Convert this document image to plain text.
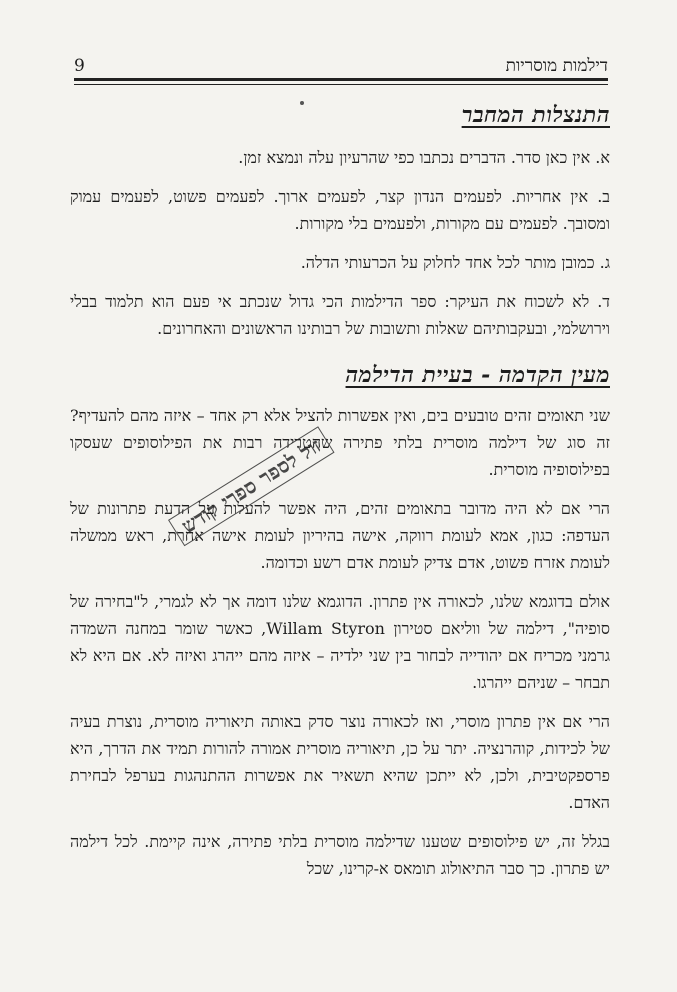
דילמות מוסריות
9
התנצלות המחבר

א. אין כאן סדר. הדברים נכתבו כפי שהרעיון עלה ונמצא זמן.

ב. אין אחריות. לפעמים הנדון קצר, לפעמים ארוך. לפעמים פשוט, לפעמים עמוק ומסובך. לפעמים עם מקורות, ולפעמים בלי מקורות.

ג. כמובן מותר לכל אחד לחלוק על הכרעותי הדלה.

ד. לא לשכוח את העיקר: ספר הדילמות הכי גדול שנכתב אי פעם הוא תלמוד בבלי וירושלמי, ובעקבותיהם שאלות ותשובות של רבותינו הראשונים והאחרונים.

מעין הקדמה - בעיית הדילמה

שני תאומים זהים טובעים בים, ואין אפשרות להציל אלא רק אחד – איזה מהם להעדיף? זה סוג של דילמה מוסרית בלתי פתירה שהטרידה רבות את הפילוסופים שעסקו בפילוסופיה מוסרית.

הרי אם לא היה מדובר בתאומים זהים, היה אפשר להעלות על הדעת פתרונות של העדפה: כגון, אמא לעומת רווקה, אישה בהיריון לעומת אישה אחרת, ראש ממשלה לעומת אזרח פשוט, אדם צדיק לעומת אדם רשע וכדומה.

אולם בדוגמא שלנו, לכאורה אין פתרון. הדוגמא שלנו דומה אך לא לגמרי, ל"בחירה של סופיה", דילמה של ווליאם סטירון Willam Styron, כאשר שומר במחנה השמדה גרמני מכריח אם יהודייה לבחור בין שני ילדיה – איזה מהם ייהרג ואיזה לא. אם היא לא תבחר – שניהם ייהרגו.

הרי אם אין פתרון מוסרי, ואז לכאורה נוצר סדק באותה תיאוריה מוסרית, נוצרת בעיה של לכידות, קוהרנציה. יתר על כן, תיאוריה מוסרית אמורה להורות תמיד את הדרך, היא פרספקטיבית, ולכן, לא ייתכן שהיא תשאיר את אפשרות ההתנהגות בערפל לבחירת האדם.

בגלל זה, יש פילוסופים שטענו שדילמה מוסרית בלתי פתירה, אינה קיימת. לכל דילמה יש פתרון. כך סבר התיאולוג תומאס א-קרינו, שכל

זול לספר ספרי קודש
